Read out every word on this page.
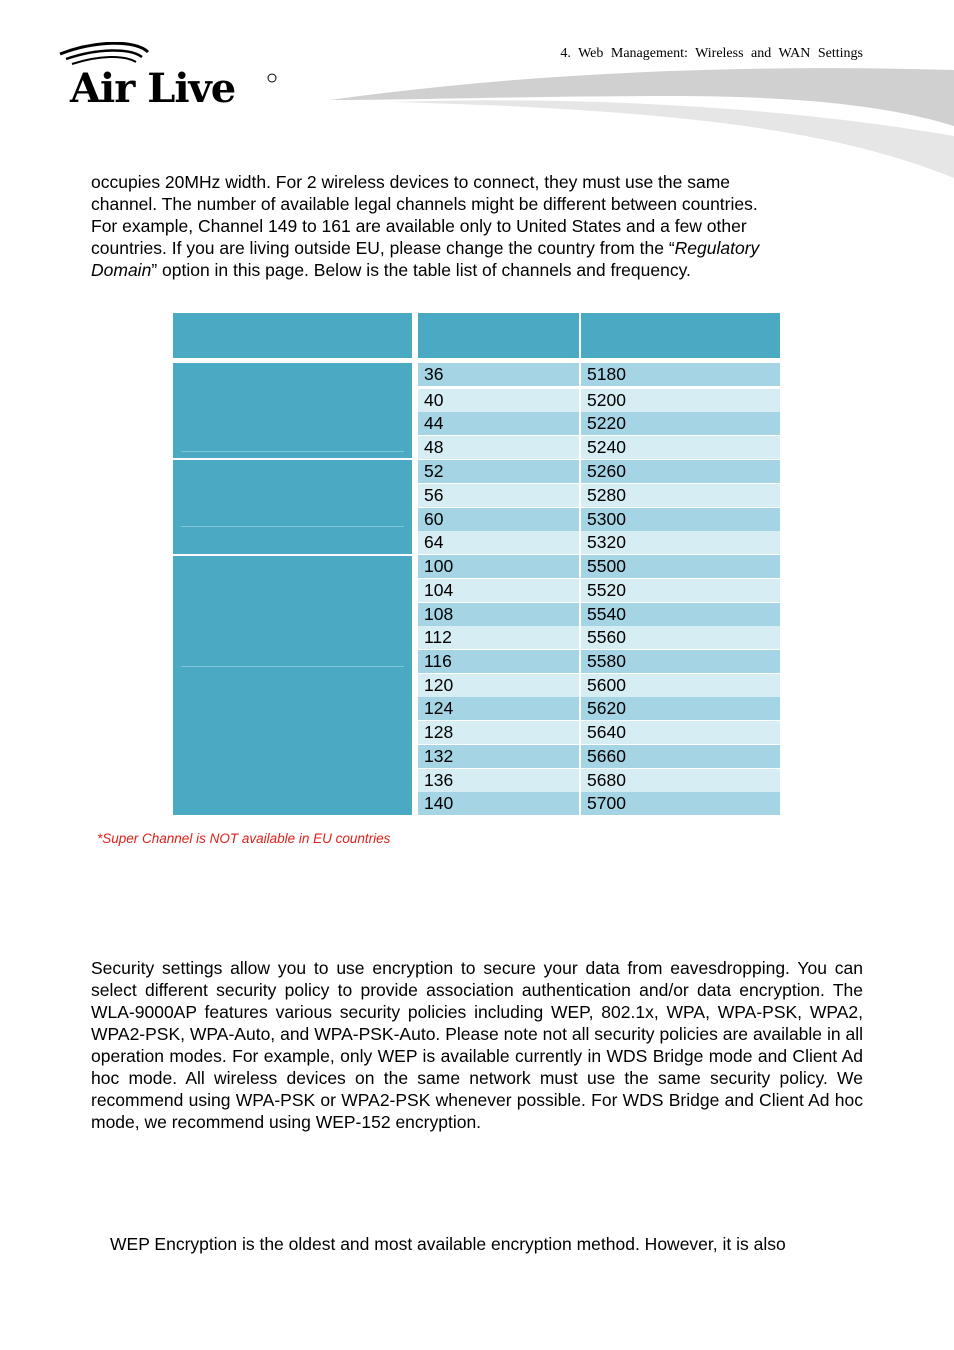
4. Web Management: Wireless and WAN Settings
Air Live
occupies 20MHz width. For 2 wireless devices to connect, they must use the same
channel. The number of available legal channels might be different between countries.
For example, Channel 149 to 161 are available only to United States and a few other
countries. If you are living outside EU, please change the country from the “Regulatory
Domain” option in this page. Below is the table list of channels and frequency.
36	5180
40	5200
44	5220
48	5240
52	5260
56	5280
60	5300
64	5320
100	5500
104	5520
108	5540
112	5560
116	5580
120	5600
124	5620
128	5640
132	5660
136	5680
140	5700
*Super Channel is NOT available in EU countries
Security settings allow you to use encryption to secure your data from eavesdropping. You can select different security policy to provide association authentication and/or data encryption. The WLA-9000AP features various security policies including WEP, 802.1x, WPA, WPA-PSK, WPA2, WPA2-PSK, WPA-Auto, and WPA-PSK-Auto. Please note not all security policies are available in all operation modes. For example, only WEP is available currently in WDS Bridge mode and Client Ad hoc mode. All wireless devices on the same network must use the same security policy. We recommend using WPA-PSK or WPA2-PSK whenever possible. For WDS Bridge and Client Ad hoc mode, we recommend using WEP-152 encryption.
WEP Encryption is the oldest and most available encryption method. However, it is also
